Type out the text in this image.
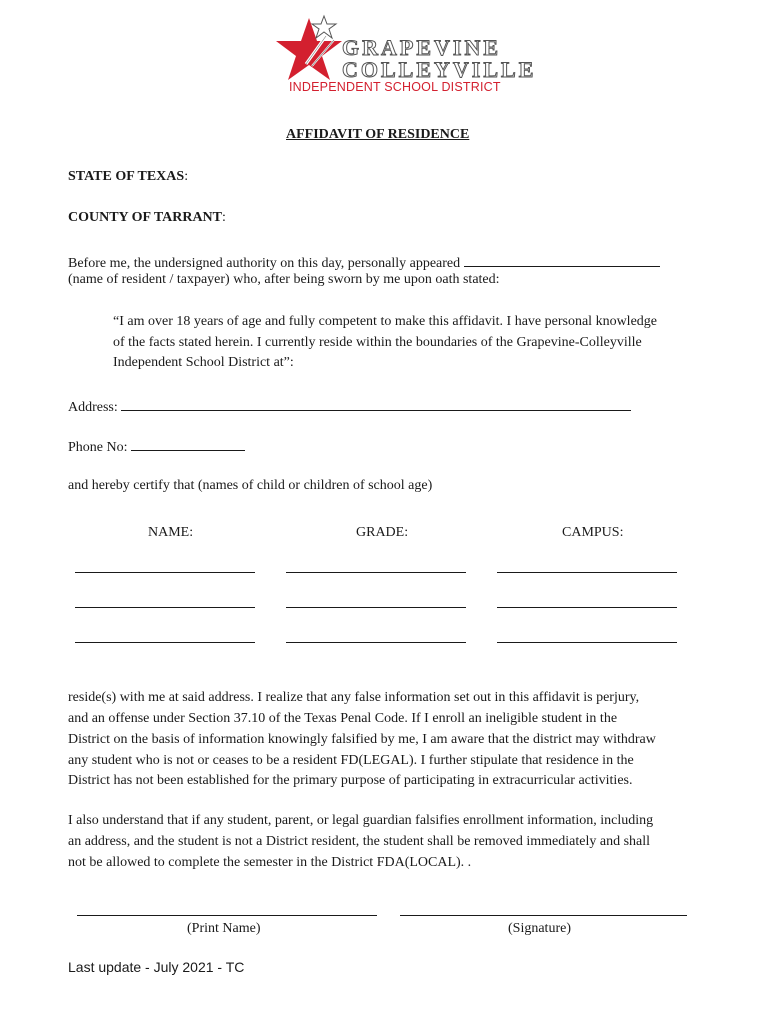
GRAPEVINE
COLLEYVILLE
INDEPENDENT SCHOOL DISTRICT
AFFIDAVIT OF RESIDENCE
STATE OF TEXAS:
COUNTY OF TARRANT:
Before me, the undersigned authority on this day, personally appeared
(name of resident / taxpayer) who, after being sworn by me upon oath stated:
“I am over 18 years of age and fully competent to make this affidavit. I have personal knowledge
of the facts stated herein. I currently reside within the boundaries of the Grapevine-Colleyville
Independent School District at”:
Address:
Phone No:
and hereby certify that (names of child or children of school age)
NAME:	GRADE:	CAMPUS:
reside(s) with me at said address. I realize that any false information set out in this affidavit is perjury,
and an offense under Section 37.10 of the Texas Penal Code. If I enroll an ineligible student in the
District on the basis of information knowingly falsified by me, I am aware that the district may withdraw
any student who is not or ceases to be a resident FD(LEGAL). I further stipulate that residence in the
District has not been established for the primary purpose of participating in extracurricular activities.
I also understand that if any student, parent, or legal guardian falsifies enrollment information, including
an address, and the student is not a District resident, the student shall be removed immediately and shall
not be allowed to complete the semester in the District FDA(LOCAL). .
(Print Name)	(Signature)
Last update - July 2021 - TC
